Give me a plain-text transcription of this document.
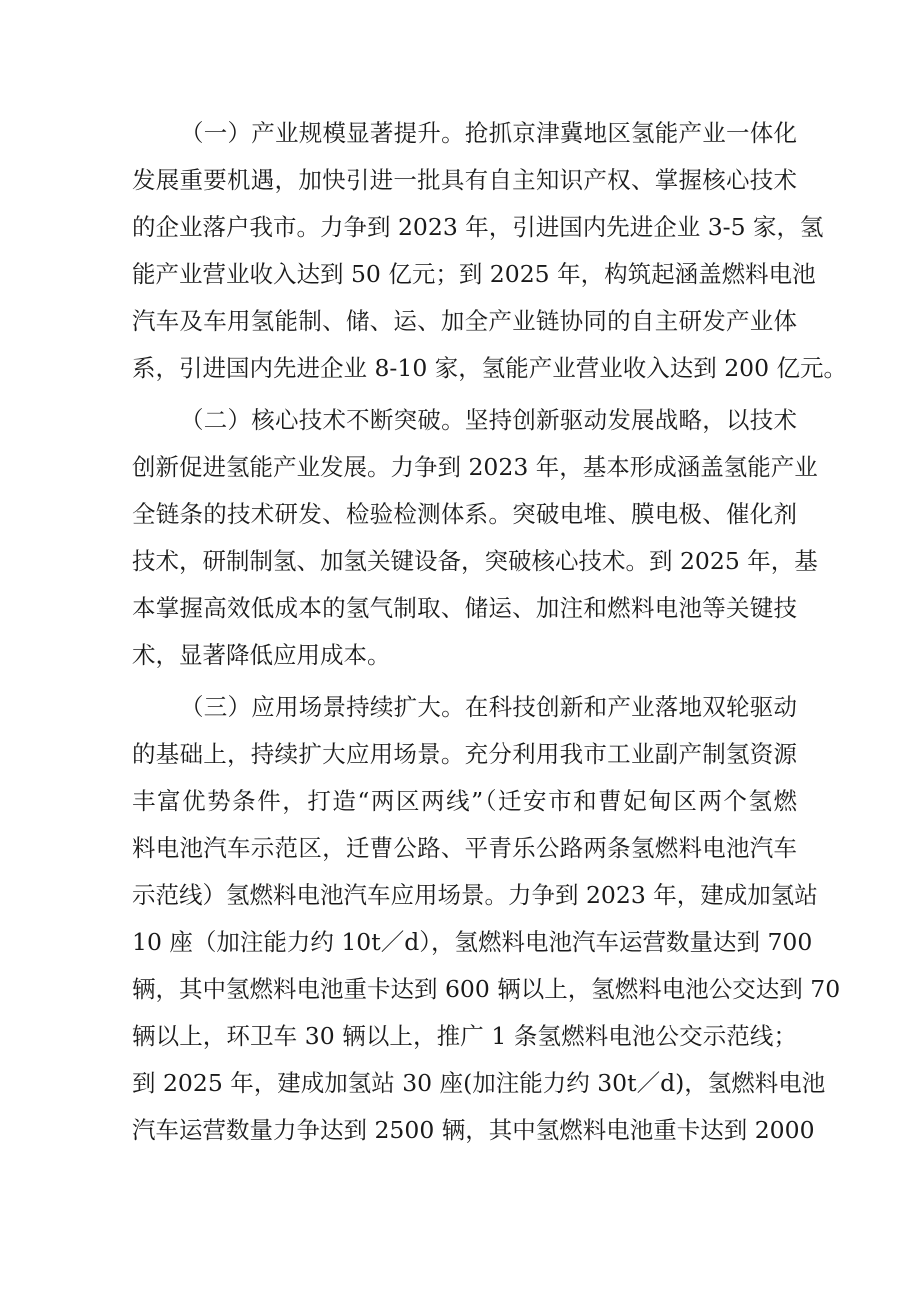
（一）产业规模显著提升。抢抓京津冀地区氢能产业一体化
发展重要机遇，加快引进一批具有自主知识产权、掌握核心技术
的企业落户我市。力争到 2023 年，引进国内先进企业 3-5 家，氢
能产业营业收入达到 50 亿元；到 2025 年，构筑起涵盖燃料电池
汽车及车用氢能制、储、运、加全产业链协同的自主研发产业体
系，引进国内先进企业 8-10 家，氢能产业营业收入达到 200 亿元。
（二）核心技术不断突破。坚持创新驱动发展战略，以技术
创新促进氢能产业发展。力争到 2023 年，基本形成涵盖氢能产业
全链条的技术研发、检验检测体系。突破电堆、膜电极、催化剂
技术，研制制氢、加氢关键设备，突破核心技术。到 2025 年，基
本掌握高效低成本的氢气制取、储运、加注和燃料电池等关键技
术，显著降低应用成本。
（三）应用场景持续扩大。在科技创新和产业落地双轮驱动
的基础上，持续扩大应用场景。充分利用我市工业副产制氢资源
丰富优势条件，打造“两区两线”（迁安市和曹妃甸区两个氢燃
料电池汽车示范区，迁曹公路、平青乐公路两条氢燃料电池汽车
示范线）氢燃料电池汽车应用场景。力争到 2023 年，建成加氢站
10 座（加注能力约 10t／d），氢燃料电池汽车运营数量达到 700
辆，其中氢燃料电池重卡达到 600 辆以上，氢燃料电池公交达到 70
辆以上，环卫车 30 辆以上，推广 1 条氢燃料电池公交示范线；
到 2025 年，建成加氢站 30 座(加注能力约 30t／d)，氢燃料电池
汽车运营数量力争达到 2500 辆，其中氢燃料电池重卡达到 2000
